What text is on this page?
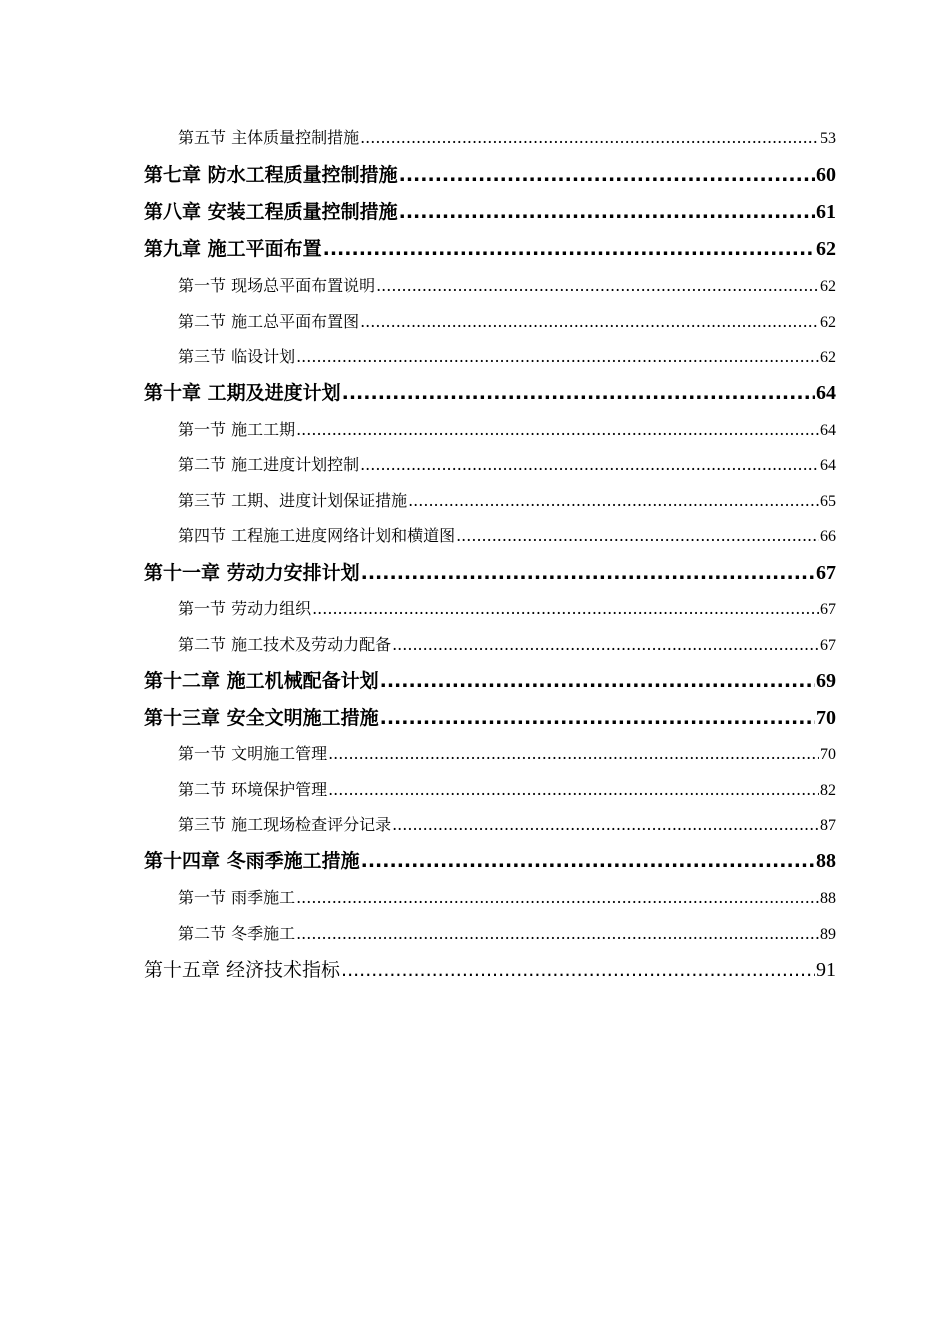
第五节 主体质量控制措施 .....	53
第七章 防水工程质量控制措施 .....	60
第八章 安装工程质量控制措施 .....	61
第九章 施工平面布置 .....	62
第一节 现场总平面布置说明 .....	62
第二节 施工总平面布置图 .....	62
第三节 临设计划 .....	62
第十章 工期及进度计划 .....	64
第一节 施工工期 .....	64
第二节 施工进度计划控制 .....	64
第三节 工期、进度计划保证措施 .....	65
第四节 工程施工进度网络计划和横道图 .....	66
第十一章 劳动力安排计划 .....	67
第一节 劳动力组织 .....	67
第二节 施工技术及劳动力配备 .....	67
第十二章 施工机械配备计划 .....	69
第十三章 安全文明施工措施 .....	70
第一节 文明施工管理 .....	70
第二节 环境保护管理 .....	82
第三节 施工现场检查评分记录 .....	87
第十四章 冬雨季施工措施 .....	88
第一节 雨季施工 .....	88
第二节 冬季施工 .....	89
第十五章 经济技术指标 .....	91
